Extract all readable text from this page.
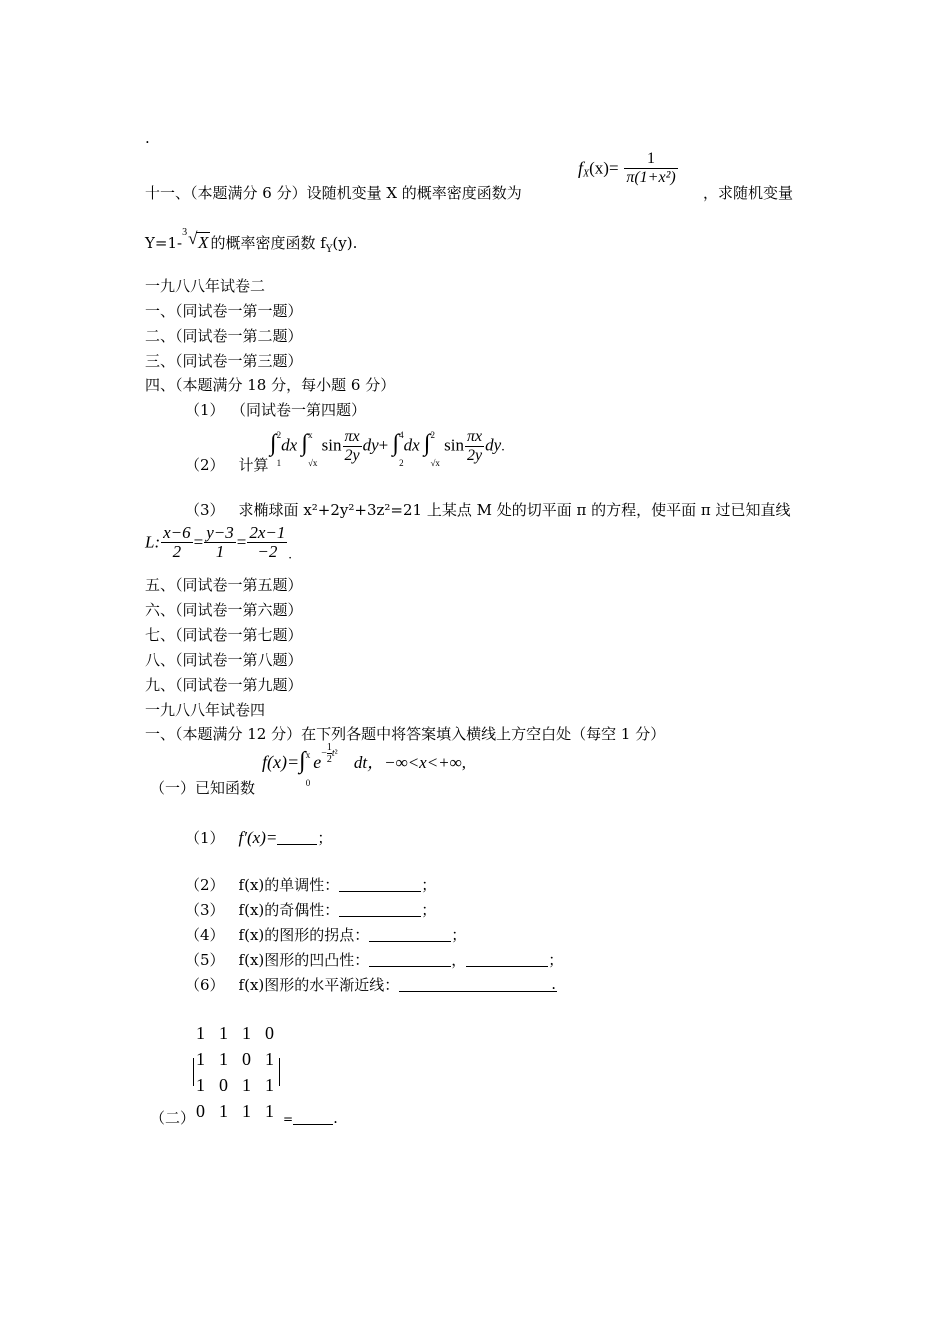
.
十一、（本题满分 6 分）设随机变量 X 的概率密度函数为
$f_X(x)= \frac{1}{\text{π(1+x²)}}$
，求随机变量
Y=1-
3 √ X 的概率密度函数 $f_Y(y)$.
一九八八年试卷二
一、（同试卷一第一题）
二、（同试卷一第二题）
三、（同试卷一第三题）
四、（本题满分 18 分，每小题 6 分）
（1） （同试卷一第四题）
（2） 计算
∫2

1dx ∫x

√x $\sin \frac{\pi x}{2y} dy+ \int 4$

2dx ∫2

√x $\sin \frac{\pi x}{2y}$ dy.
（3） 求椭球面 x²+2y²+3z²=21 上某点 M 处的切平面 π 的方程，使平面 π 过已知直线
L: $\frac{x-6}{2} = \frac{y-3}{1} = \frac{2x-1}{-2} _.$
五、（同试卷一第五题）
六、（同试卷一第六题）
七、（同试卷一第七题）
八、（同试卷一第八题）
九、（同试卷一第九题）
一九八八年试卷四
一、（本题满分 12 分）在下列各题中将答案填入横线上方空白处（每空 1 分）
（一）已知函数
f(x)=∫x

$0e- \frac{1}{2} t^2$ dt，−∞<x<+∞,
（1） f′(x)=	；
（2） f(x)的单调性：	；
（3） f(x)的奇偶性：	；
（4） f(x)的图形的拐点：	；
（5） f(x)图形的凹凸性：	，	；
（6） f(x)图形的水平渐近线：	.
1 1 1 0
1 1 0 1
1 0 1 1
0 1 1 1
（二）	=	.
